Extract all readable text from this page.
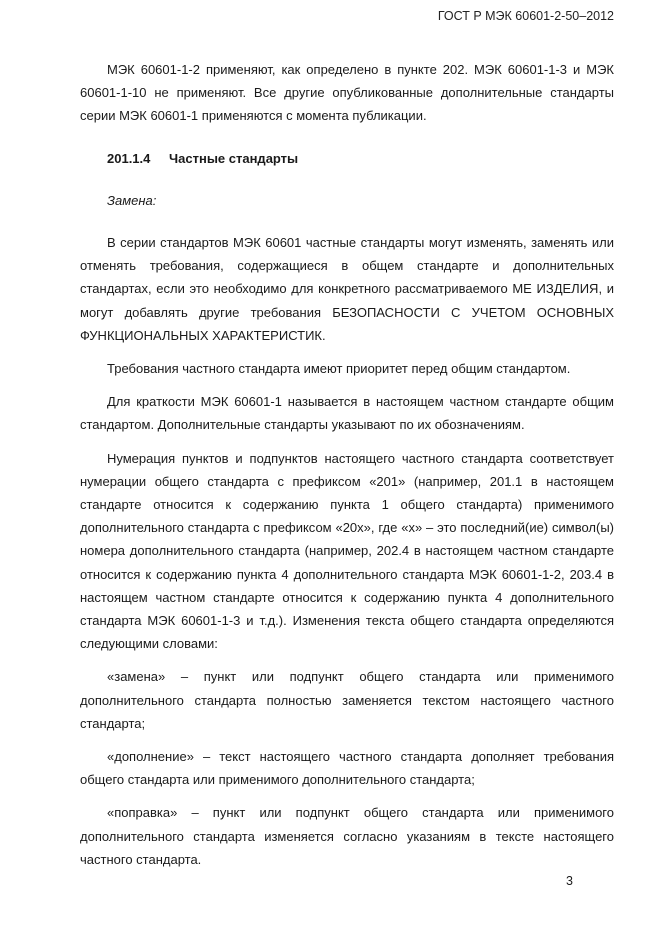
ГОСТ Р МЭК 60601-2-50–2012

МЭК 60601-1-2 применяют, как определено в пункте 202. МЭК 60601-1-3 и МЭК 60601-1-10 не применяют. Все другие опубликованные дополнительные стандарты серии МЭК 60601-1 применяются с момента публикации.

201.1.4 Частные стандарты

Замена:

В серии стандартов МЭК 60601 частные стандарты могут изменять, заменять или отменять требования, содержащиеся в общем стандарте и дополнительных стандартах, если это необходимо для конкретного рассматриваемого МЕ ИЗДЕЛИЯ, и могут добавлять другие требования БЕЗОПАСНОСТИ С УЧЕТОМ ОСНОВНЫХ ФУНКЦИОНАЛЬНЫХ ХАРАКТЕРИСТИК.

Требования частного стандарта имеют приоритет перед общим стандартом.

Для краткости МЭК 60601-1 называется в настоящем частном стандарте общим стандартом. Дополнительные стандарты указывают по их обозначениям.

Нумерация пунктов и подпунктов настоящего частного стандарта соответствует нумерации общего стандарта с префиксом «201» (например, 201.1 в настоящем стандарте относится к содержанию пункта 1 общего стандарта) применимого дополнительного стандарта с префиксом «20x», где «x» – это последний(ие) символ(ы) номера дополнительного стандарта (например, 202.4 в настоящем частном стандарте относится к содержанию пункта 4 дополнительного стандарта МЭК 60601-1-2, 203.4 в настоящем частном стандарте относится к содержанию пункта 4 дополнительного стандарта МЭК 60601-1-3 и т.д.). Изменения текста общего стандарта определяются следующими словами:

«замена» – пункт или подпункт общего стандарта или применимого дополнительного стандарта полностью заменяется текстом настоящего частного стандарта;

«дополнение» – текст настоящего частного стандарта дополняет требования общего стандарта или применимого дополнительного стандарта;

«поправка» – пункт или подпункт общего стандарта или применимого дополнительного стандарта изменяется согласно указаниям в тексте настоящего частного стандарта.

3
